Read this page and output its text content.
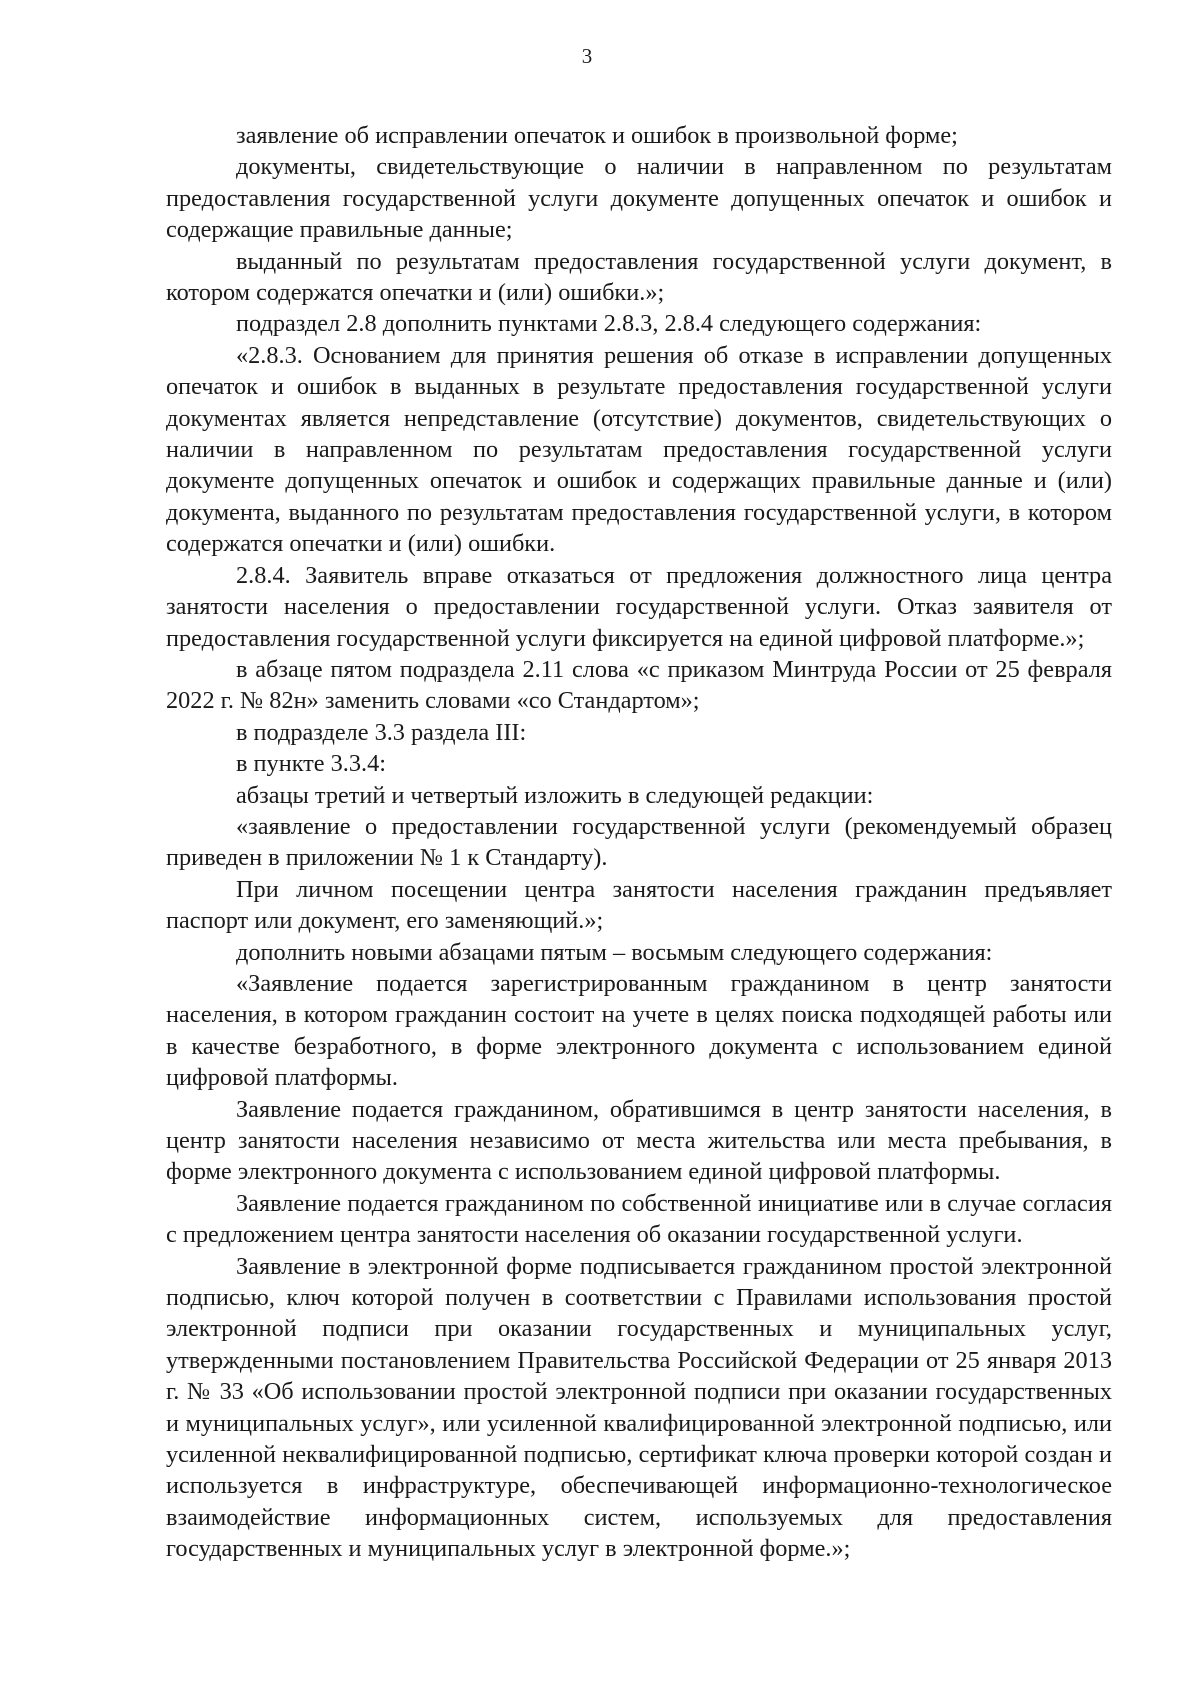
3

заявление об исправлении опечаток и ошибок в произвольной форме;

документы, свидетельствующие о наличии в направленном по результатам предоставления государственной услуги документе допущенных опечаток и ошибок и содержащие правильные данные;

выданный по результатам предоставления государственной услуги документ, в котором содержатся опечатки и (или) ошибки.»;

подраздел 2.8 дополнить пунктами 2.8.3, 2.8.4 следующего содержания:

«2.8.3. Основанием для принятия решения об отказе в исправлении допущенных опечаток и ошибок в выданных в результате предоставления государственной услуги документах является непредставление (отсутствие) документов, свидетельствующих о наличии в направленном по результатам предоставления государственной услуги документе допущенных опечаток и ошибок и содержащих правильные данные и (или) документа, выданного по результатам предоставления государственной услуги, в котором содержатся опечатки и (или) ошибки.

2.8.4. Заявитель вправе отказаться от предложения должностного лица центра занятости населения о предоставлении государственной услуги. Отказ заявителя от предоставления государственной услуги фиксируется на единой цифровой платформе.»;

в абзаце пятом подраздела 2.11 слова «с приказом Минтруда России от 25 февраля 2022 г. № 82н» заменить словами «со Стандартом»;

в подразделе 3.3 раздела III:

в пункте 3.3.4:

абзацы третий и четвертый изложить в следующей редакции:

«заявление о предоставлении государственной услуги (рекомендуемый образец приведен в приложении № 1 к Стандарту).

При личном посещении центра занятости населения гражданин предъявляет паспорт или документ, его заменяющий.»;

дополнить новыми абзацами пятым – восьмым следующего содержания:

«Заявление подается зарегистрированным гражданином в центр занятости населения, в котором гражданин состоит на учете в целях поиска подходящей работы или в качестве безработного, в форме электронного документа с использованием единой цифровой платформы.

Заявление подается гражданином, обратившимся в центр занятости населения, в центр занятости населения независимо от места жительства или места пребывания, в форме электронного документа с использованием единой цифровой платформы.

Заявление подается гражданином по собственной инициативе или в случае согласия с предложением центра занятости населения об оказании государственной услуги.

Заявление в электронной форме подписывается гражданином простой электронной подписью, ключ которой получен в соответствии с Правилами использования простой электронной подписи при оказании государственных и муниципальных услуг, утвержденными постановлением Правительства Российской Федерации от 25 января 2013 г. № 33 «Об использовании простой электронной подписи при оказании государственных и муниципальных услуг», или усиленной квалифицированной электронной подписью, или усиленной неквалифицированной подписью, сертификат ключа проверки которой создан и используется в инфраструктуре, обеспечивающей информационно-технологическое взаимодействие информационных систем, используемых для предоставления государственных и муниципальных услуг в электронной форме.»;
